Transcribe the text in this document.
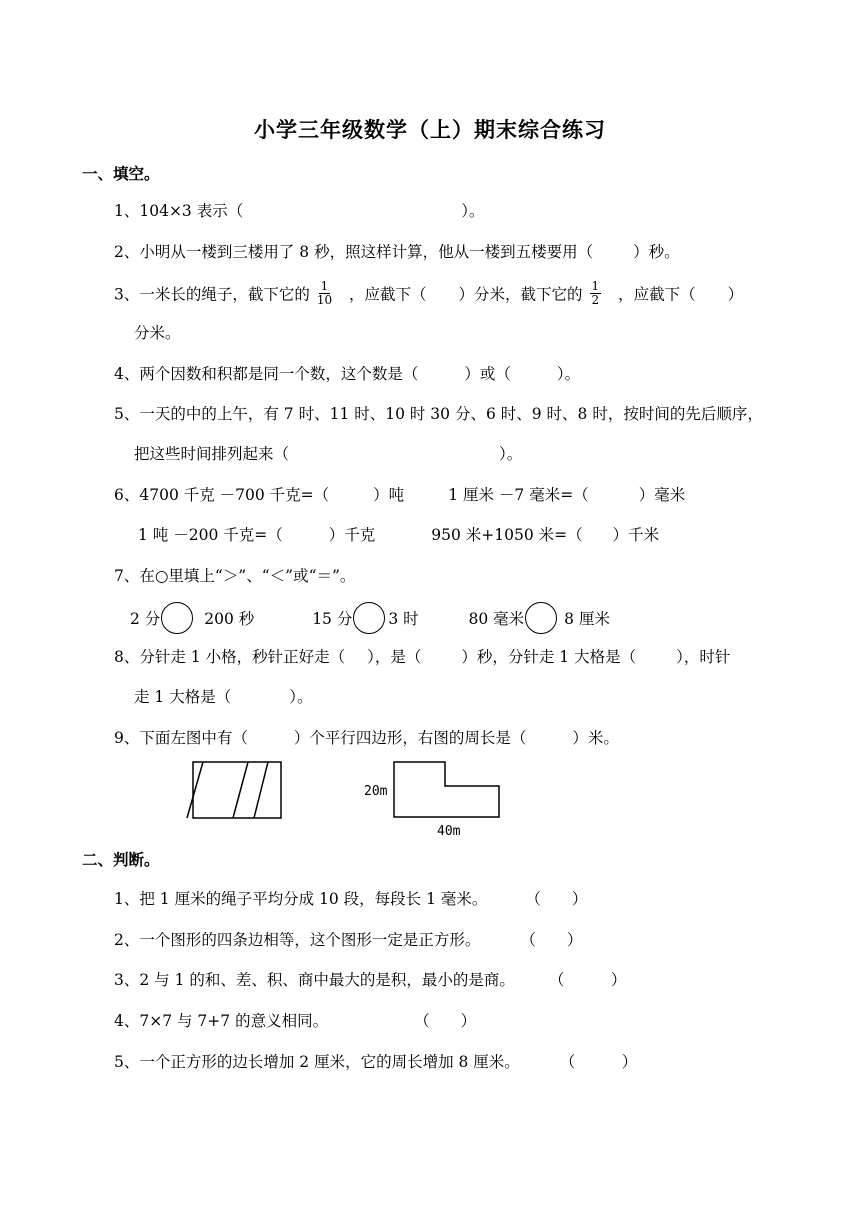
小学三年级数学（上）期末综合练习
一、填空。
1、104×3 表示（	）。
2、小明从一楼到三楼用了 8 秒，照这样计算，他从一楼到五楼要用（	）秒。
3、一米长的绳子，截下它的 $\frac{1}{10}$ ，应截下（ ）分米，截下它的 $\frac{1}{2}$ ，应截下（ ）
分米。
4、两个因数和积都是同一个数，这个数是（	）或（	）。
5、一天的中的上午，有 7 时、11 时、10 时 30 分、6 时、9 时、8 时，按时间的先后顺序，
把这些时间排列起来（	）。
6、4700 千克 －700 千克=（	）吨	1 厘米 －7 毫米=（	）毫米
1 吨 －200 千克=（	）千克	950 米+1050 米=（ ）千米
7、在○里填上“＞”、“＜”或“＝”。
2 分	200 秒	15 分 3 时	80 毫米	8 厘米
8、分针走 1 小格，秒针正好走（ ），是（	）秒，分针走 1 大格是（	），时针
走 1 大格是（	）。
9、下面左图中有（	）个平行四边形，右图的周长是（	）米。
20m
40m
二、判断。
1、把 1 厘米的绳子平均分成 10 段，每段长 1 毫米。 （　　）
2、一个图形的四条边相等，这个图形一定是正方形。	（　　）
3、2 与 1 的和、差、积、商中最大的是积，最小的是商。 （　　　）
4、7×7 与 7+7 的意义相同。	（　　）
5、一个正方形的边长增加 2 厘米，它的周长增加 8 厘米。	（　　　）
